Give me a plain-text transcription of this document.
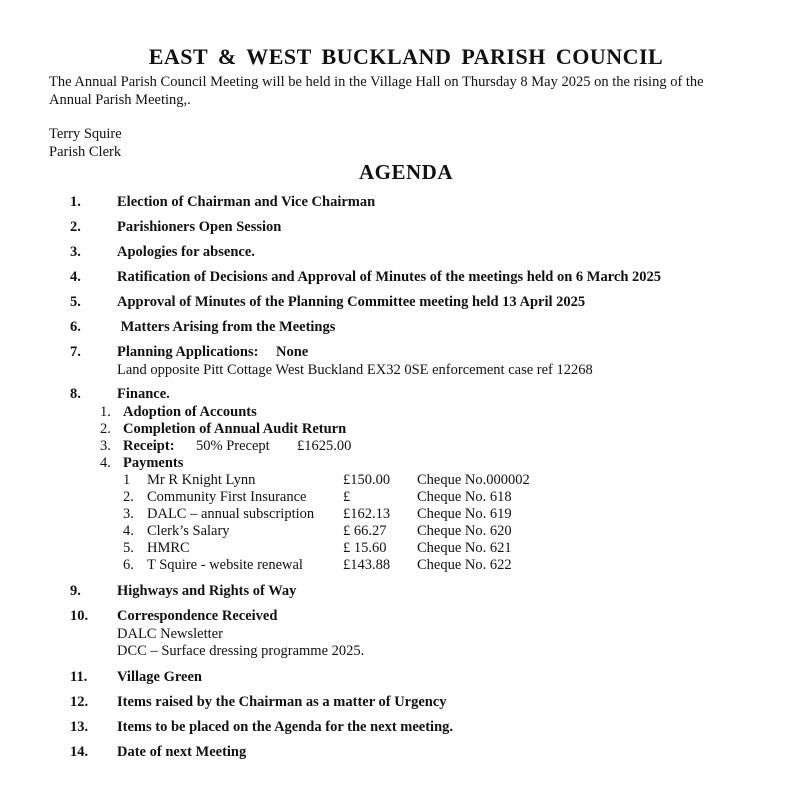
EAST & WEST BUCKLAND PARISH COUNCIL
The Annual Parish Council Meeting will be held in the Village Hall on Thursday 8 May 2025 on the rising of the
Annual Parish Meeting,.
Terry Squire
Parish Clerk
AGENDA
1. Election of Chairman and Vice Chairman
2. Parishioners Open Session
3. Apologies for absence.
4. Ratification of Decisions and Approval of Minutes of the meetings held on 6 March 2025
5. Approval of Minutes of the Planning Committee meeting held 13 April 2025
6. Matters Arising from the Meetings
7. Planning Applications: None
Land opposite Pitt Cottage West Buckland EX32 0SE enforcement case ref 12268
8. Finance.
1. Adoption of Accounts
2. Completion of Annual Audit Return
3. Receipt: 50% Precept £1625.00
4. Payments
1 Mr R Knight Lynn	£150.00 Cheque No.000002
2. Community First Insurance	£	Cheque No. 618
3. DALC – annual subscription £162.13 Cheque No. 619
4. Clerk’s Salary	£ 66.27 Cheque No. 620
5. HMRC	£ 15.60 Cheque No. 621
6. T Squire - website renewal	£143.88 Cheque No. 622
9. Highways and Rights of Way
10. Correspondence Received
DALC Newsletter
DCC – Surface dressing programme 2025.
11. Village Green
12. Items raised by the Chairman as a matter of Urgency
13. Items to be placed on the Agenda for the next meeting.
14. Date of next Meeting
